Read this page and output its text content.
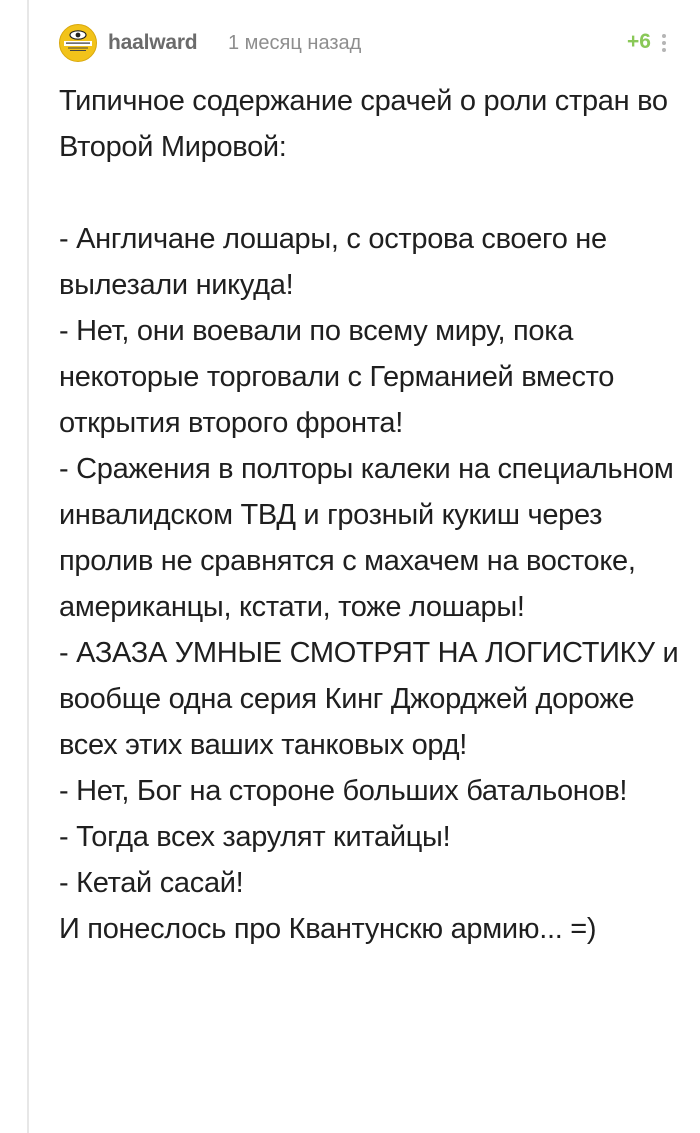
haalward 1 месяц назад	+6

Типичное содержание срачей о роли стран во Второй Мировой:

- Англичане лошары, с острова своего не вылезали никуда!

- Нет, они воевали по всему миру, пока некоторые торговали с Германией вместо открытия второго фронта!

- Сражения в полторы калеки на специальном инвалидском ТВД и грозный кукиш через пролив не сравнятся с махачем на востоке, американцы, кстати, тоже лошары!

- АЗАЗА УМНЫЕ СМОТРЯТ НА ЛОГИСТИКУ и вообще одна серия Кинг Джорджей дороже всех этих ваших танковых орд!

- Нет, Бог на стороне больших батальонов!

- Тогда всех зарулят китайцы!

- Кетай сасай!

И понеслось про Квантунскю армию... =)
